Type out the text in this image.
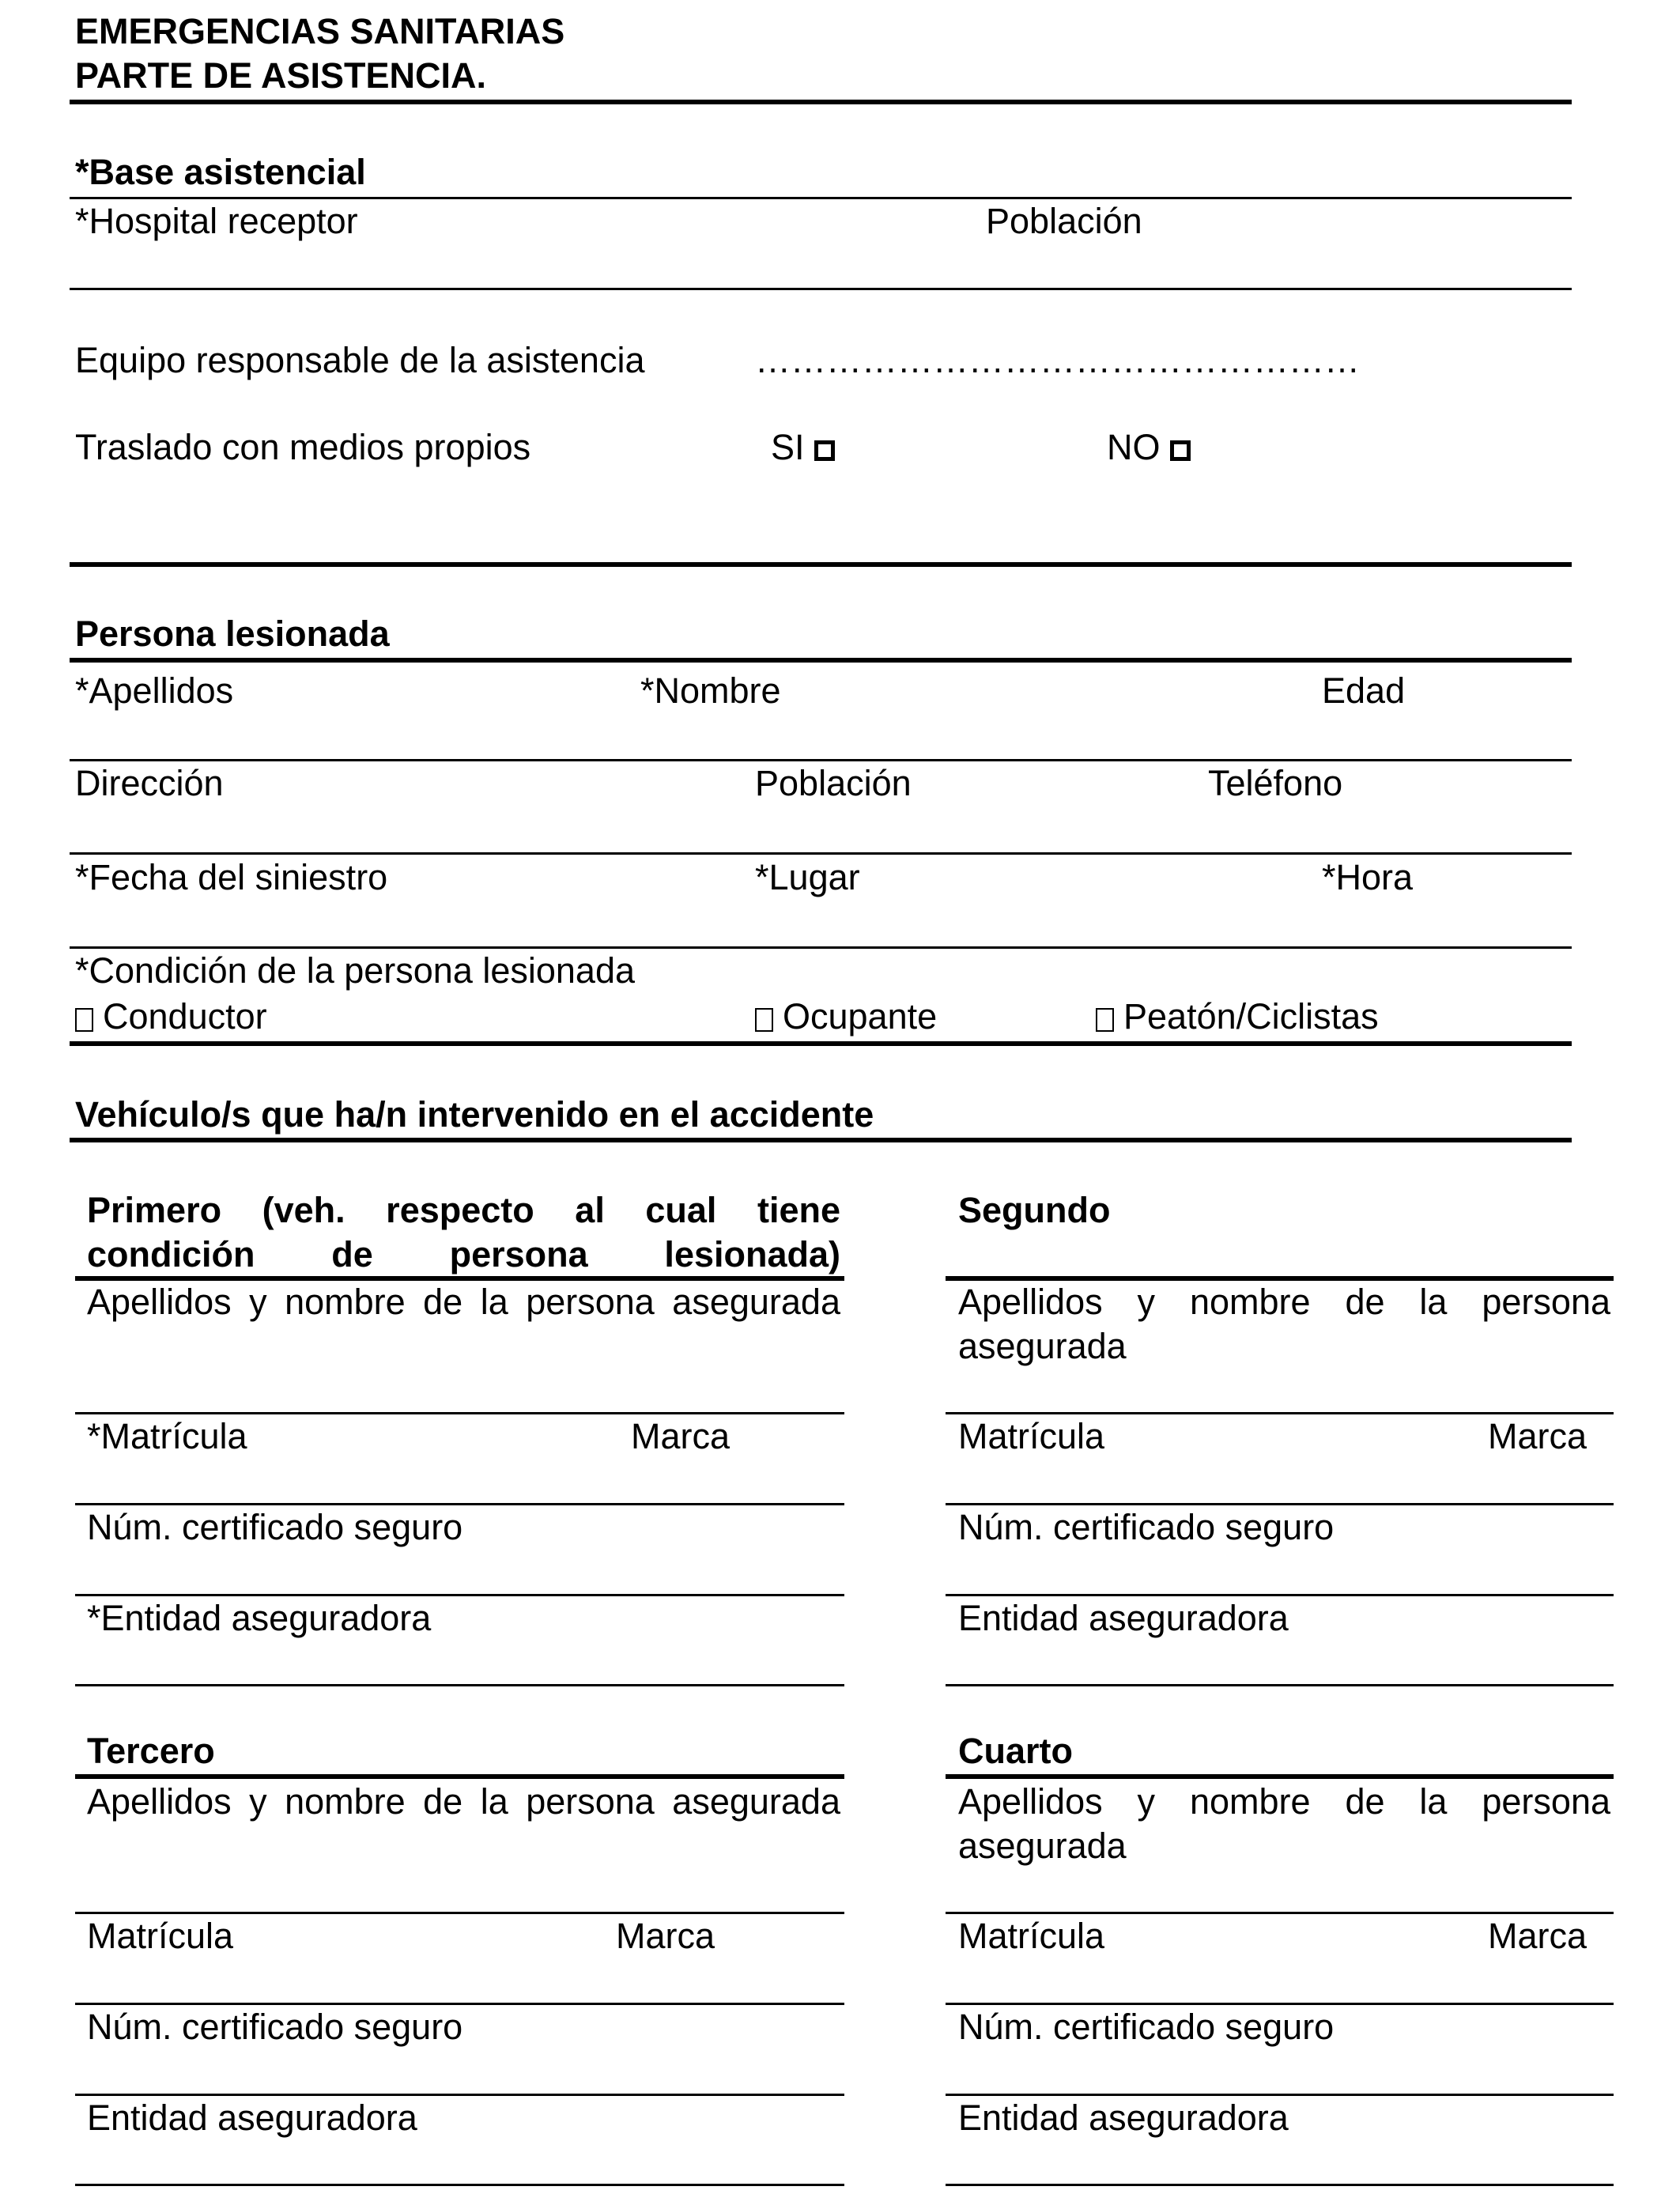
EMERGENCIAS SANITARIAS
PARTE DE ASISTENCIA.
*Base asistencial
*Hospital receptor	Población
Equipo responsable de la asistencia	……………………………………………
Traslado con medios propios	SI	NO
Persona lesionada
*Apellidos	*Nombre	Edad
Dirección	Población	Teléfono
*Fecha del siniestro	*Lugar	*Hora
*Condición de la persona lesionada
Conductor	Ocupante	Peatón/Ciclistas
Vehículo/s que ha/n intervenido en el accidente
Primero (veh. respecto al cual tiene condición de persona lesionada)
Apellidos y nombre de la persona asegurada
*Matrícula	Marca
Núm. certificado seguro
*Entidad aseguradora
Segundo
Apellidos y nombre de la persona asegurada
Matrícula	Marca
Núm. certificado seguro
Entidad aseguradora
Tercero
Apellidos y nombre de la persona asegurada
Matrícula	Marca
Núm. certificado seguro
Entidad aseguradora
Cuarto
Apellidos y nombre de la persona asegurada
Matrícula	Marca
Núm. certificado seguro
Entidad aseguradora
